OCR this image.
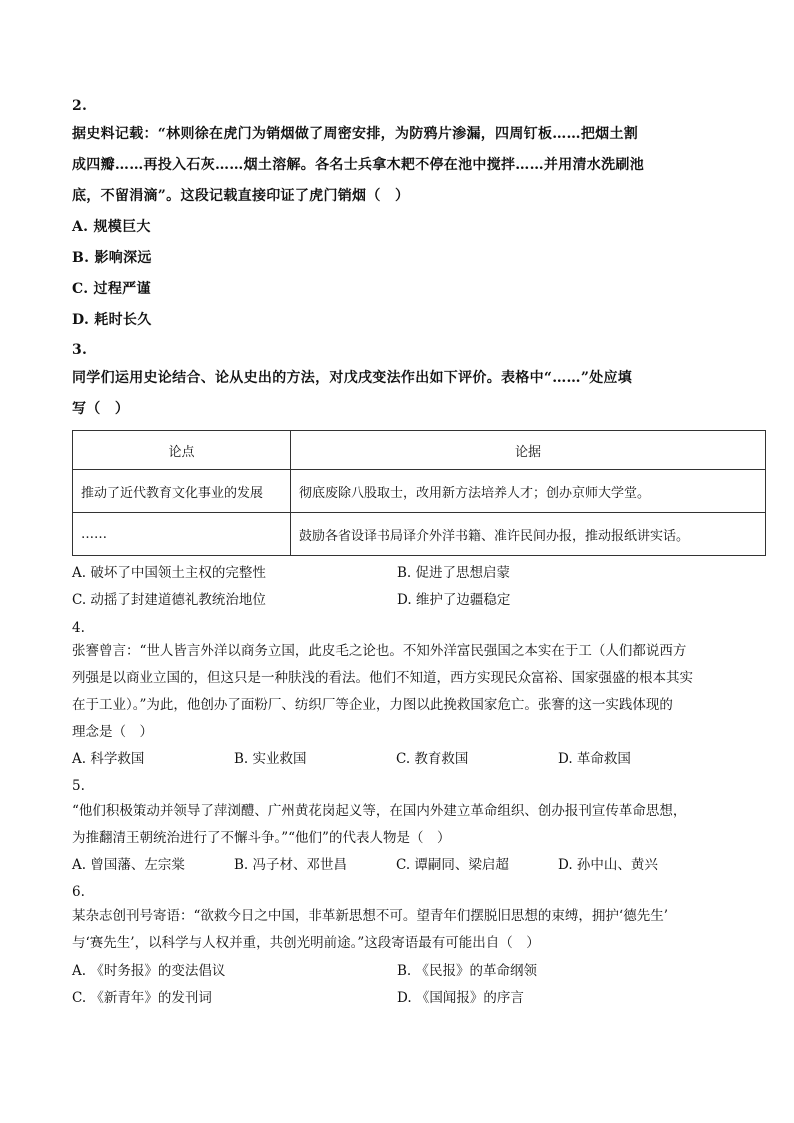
2.
据史料记载：“林则徐在虎门为销烟做了周密安排，为防鸦片渗漏，四周钉板……把烟土割
成四瓣……再投入石灰……烟土溶解。各名士兵拿木耙不停在池中搅拌……并用清水洗刷池
底，不留涓滴”。这段记载直接印证了虎门销烟（　）
A. 规模巨大
B. 影响深远
C. 过程严谨
D. 耗时长久
3.
同学们运用史论结合、论从史出的方法，对戊戌变法作出如下评价。表格中“……”处应填
写（　）
论点	论据
推动了近代教育文化事业的发展	彻底废除八股取士，改用新方法培养人才；创办京师大学堂。
……	鼓励各省设译书局译介外洋书籍、准许民间办报，推动报纸讲实话。
A. 破坏了中国领土主权的完整性	B. 促进了思想启蒙
C. 动摇了封建道德礼教统治地位	D. 维护了边疆稳定
4.
张謇曾言：“世人皆言外洋以商务立国，此皮毛之论也。不知外洋富民强国之本实在于工（人们都说西方
列强是以商业立国的，但这只是一种肤浅的看法。他们不知道，西方实现民众富裕、国家强盛的根本其实
在于工业）。”为此，他创办了面粉厂、纺织厂等企业，力图以此挽救国家危亡。张謇的这一实践体现的
理念是（　）
A. 科学救国	B. 实业救国	C. 教育救国	D. 革命救国
5.
“他们积极策动并领导了萍浏醴、广州黄花岗起义等，在国内外建立革命组织、创办报刊宣传革命思想，
为推翻清王朝统治进行了不懈斗争。”“他们”的代表人物是（　）
A. 曾国藩、左宗棠	B. 冯子材、邓世昌	C. 谭嗣同、梁启超	D. 孙中山、黄兴
6.
某杂志创刊号寄语：“欲救今日之中国，非革新思想不可。望青年们摆脱旧思想的束缚，拥护‘德先生’
与‘赛先生’，以科学与人权并重，共创光明前途。”这段寄语最有可能出自（　）
A. 《时务报》的变法倡议	B. 《民报》的革命纲领
C. 《新青年》的发刊词	D. 《国闻报》的序言
